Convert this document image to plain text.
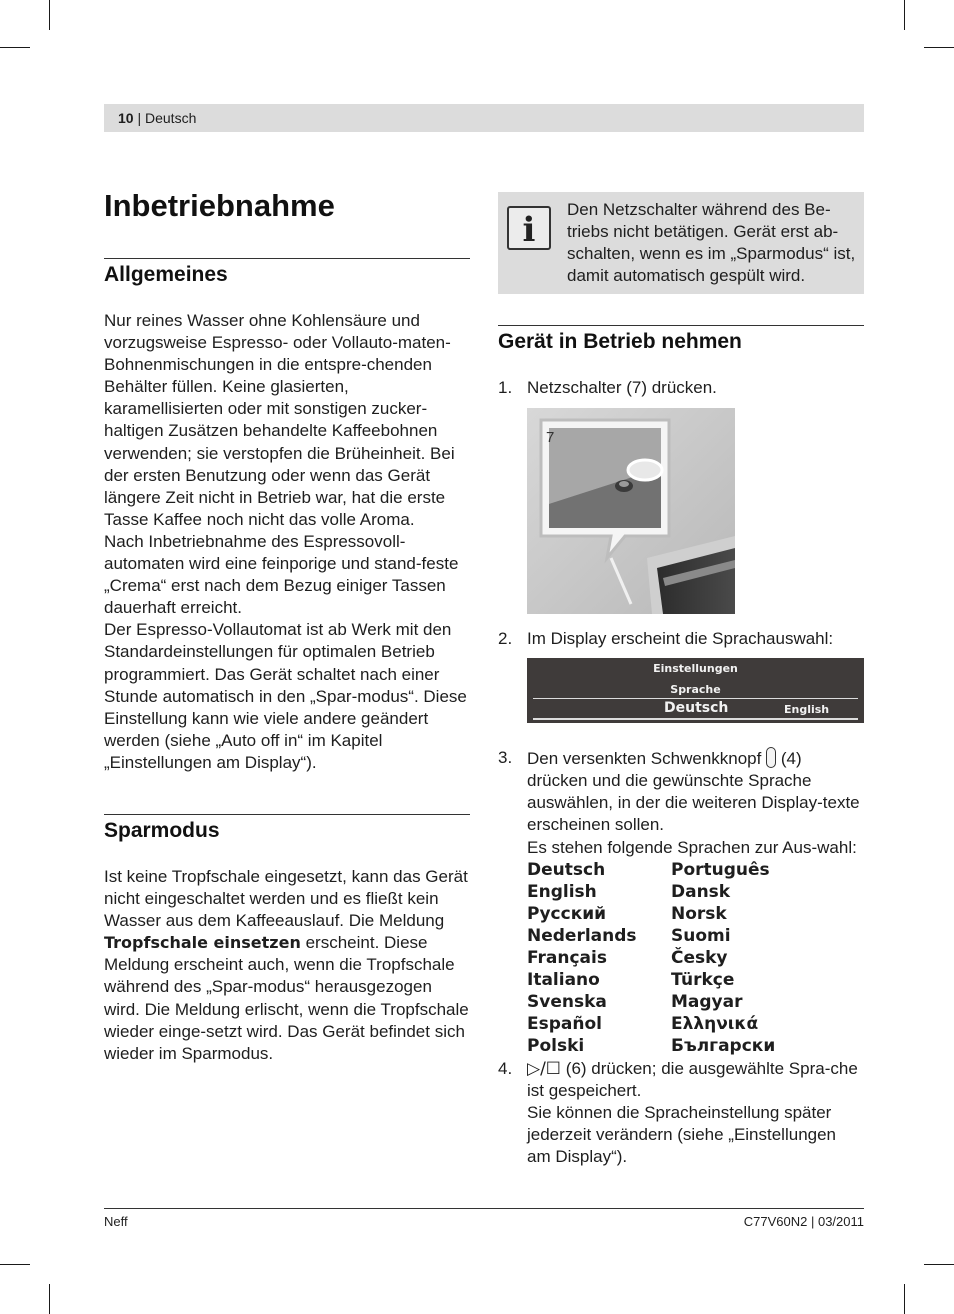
10 | Deutsch
Inbetriebnahme
Allgemeines

Nur reines Wasser ohne Kohlensäure und vorzugsweise Espresso- oder Vollauto-maten-Bohnenmischungen in die entspre-chenden Behälter füllen. Keine glasierten, karamellisierten oder mit sonstigen zucker-haltigen Zusätzen behandelte Kaffeebohnen verwenden; sie verstopfen die Brüheinheit. Bei der ersten Benutzung oder wenn das Gerät längere Zeit nicht in Betrieb war, hat die erste Tasse Kaffee noch nicht das volle Aroma.

Nach Inbetriebnahme des Espressovoll-automaten wird eine feinporige und stand-feste „Crema“ erst nach dem Bezug einiger Tassen dauerhaft erreicht.

Der Espresso-Vollautomat ist ab Werk mit den Standardeinstellungen für optimalen Betrieb programmiert. Das Gerät schaltet nach einer Stunde automatisch in den „Spar-modus“. Diese Einstellung kann wie viele andere geändert werden (siehe „Auto off in“ im Kapitel „Einstellungen am Display“).

Sparmodus

Ist keine Tropfschale eingesetzt, kann das Gerät nicht eingeschaltet werden und es fließt kein Wasser aus dem Kaffeeauslauf. Die Meldung Tropfschale einsetzen erscheint. Diese Meldung erscheint auch, wenn die Tropfschale während des „Spar-modus“ herausgezogen wird. Die Meldung erlischt, wenn die Tropfschale wieder einge-setzt wird. Das Gerät befindet sich wieder im Sparmodus.

i
Den Netzschalter während des Be-triebs nicht betätigen. Gerät erst ab-schalten, wenn es im „Sparmodus“ ist, damit automatisch gespült wird.
Gerät in Betrieb nehmen
1. Netzschalter (7) drücken.
7
2. Im Display erscheint die Sprachauswahl:
Einstellungen
Sprache
Deutsch	English
3. Den versenkten Schwenkknopf (4) drücken und die gewünschte Sprache auswählen, in der die weiteren Display-texte erscheinen sollen.
Es stehen folgende Sprachen zur Aus-wahl:
Deutsch	Português
English	Dansk
Русский	Norsk
Nederlands	Suomi
Français	Česky
Italiano	Türkçe
Svenska	Magyar
Español	Ελληνικά
Polski	Български
4. ▷/☐ (6) drücken; die ausgewählte Spra-che ist gespeichert.
Sie können die Spracheinstellung später jederzeit verändern (siehe „Einstellungen am Display“).
Neff	C77V60N2 | 03/2011
